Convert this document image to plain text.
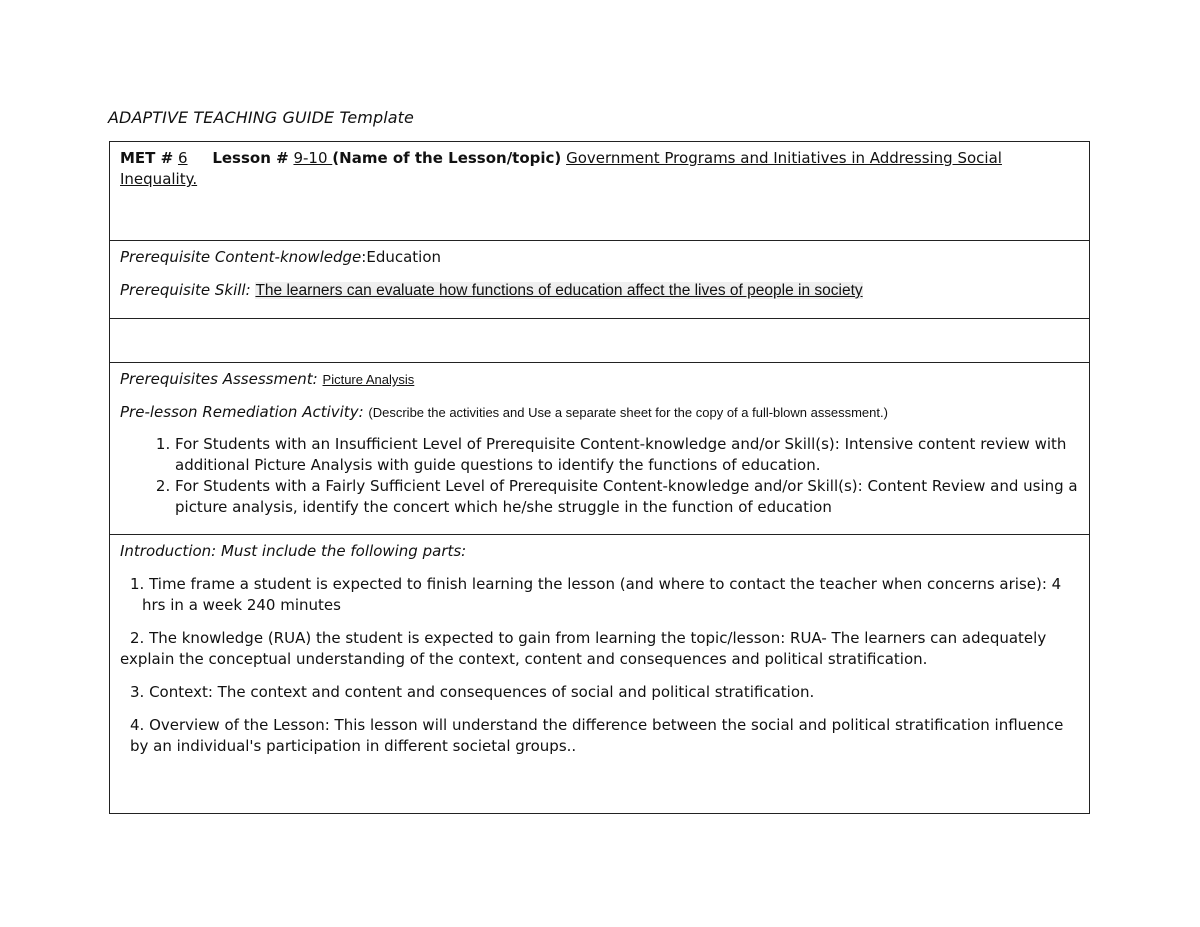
ADAPTIVE TEACHING GUIDE Template
MET # 6 Lesson # 9-10 (Name of the Lesson/topic) Government Programs and Initiatives in Addressing Social Inequality.

Prerequisite Content-knowledge:Education

Prerequisite Skill: The learners can evaluate how functions of education affect the lives of people in society

Prerequisites Assessment: Picture Analysis

Pre-lesson Remediation Activity: (Describe the activities and Use a separate sheet for the copy of a full-blown assessment.)

1. For Students with an Insufficient Level of Prerequisite Content-knowledge and/or Skill(s): Intensive content review with additional Picture Analysis with guide questions to identify the functions of education.
2. For Students with a Fairly Sufficient Level of Prerequisite Content-knowledge and/or Skill(s): Content Review and using a picture analysis, identify the concert which he/she struggle in the function of education

Introduction: Must include the following parts:

1. Time frame a student is expected to finish learning the lesson (and where to contact the teacher when concerns arise): 4 hrs in a week 240 minutes

2. The knowledge (RUA) the student is expected to gain from learning the topic/lesson: RUA- The learners can adequately explain the conceptual understanding of the context, content and consequences and political stratification.

3. Context: The context and content and consequences of social and political stratification.

4. Overview of the Lesson: This lesson will understand the difference between the social and political stratification influence by an individual's participation in different societal groups..
